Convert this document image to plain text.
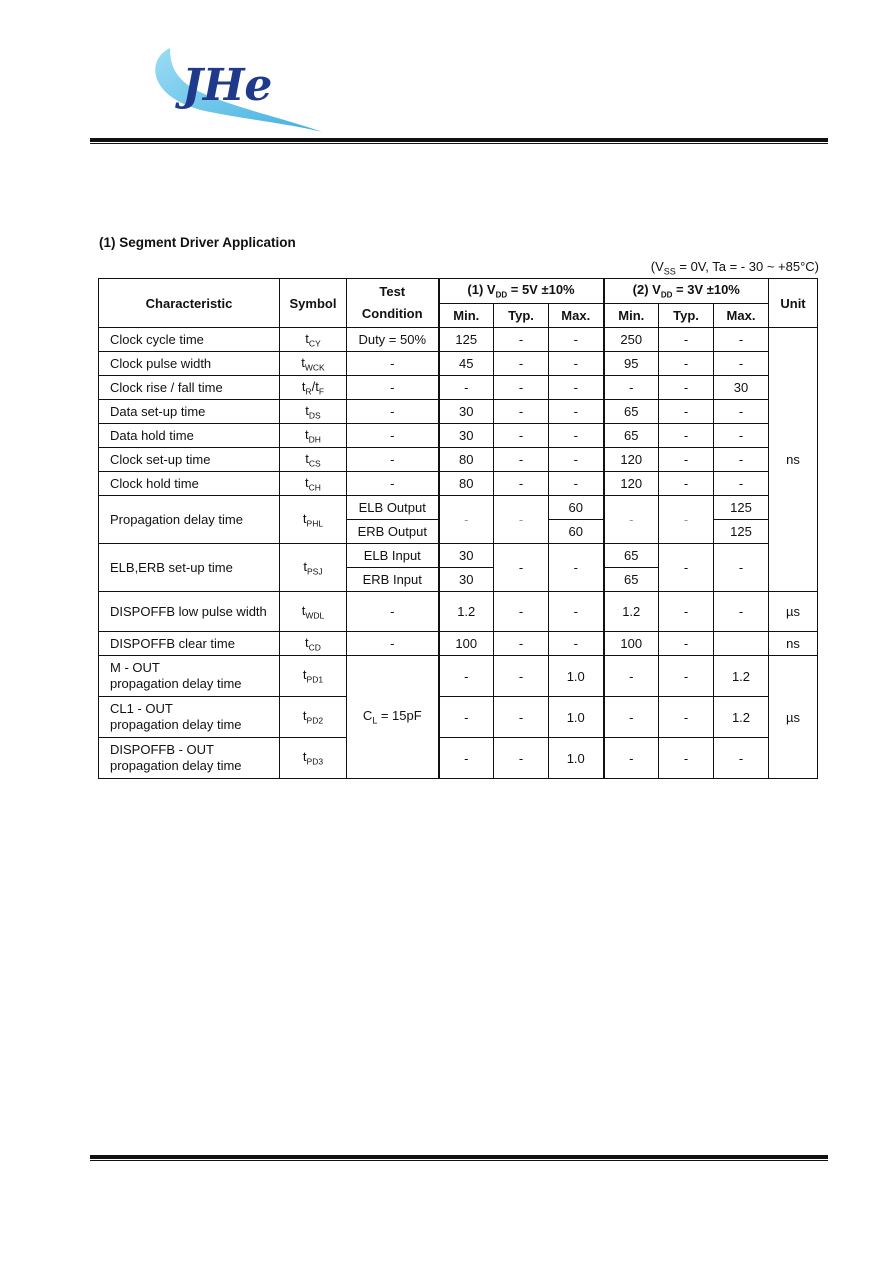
JHe
(1) Segment Driver Application
($V_{SS} = 0V$, Ta = - 30 ~ +85°C)
Characteristic	Symbol	Test Condition	(1) $V_{DD} = 5V \pm 10\%$			(2) $V_{DD} = 3V \pm 10\%$			Unit
			Min.	Typ.	Max.	Min.	Typ.	Max.	
Clock cycle time	$t_{CY}$	Duty = 50%	125	-	-	250	-	-	ns
Clock pulse width	$t_{WCK}$	-	45	-	-	95	-	-	
Clock rise / fall time	$t_R/t_F$	-	-	-	-	-	-	30	
Data set-up time	$t_{DS}$	-	30	-	-	65	-	-	
Data hold time	$t_{DH}$	-	30	-	-	65	-	-	
Clock set-up time	$t_{CS}$	-	80	-	-	120	-	-	
Clock hold time	$t_{CH}$	-	80	-	-	120	-	-	
Propagation delay time	$t_{PHL}$	ELB Output	-	-	60	-	-	125	
		ERB Output			60			125	
ELB,ERB set-up time	$t_{PSJ}$	ELB Input	30	-	-	65	-	-	
		ERB Input	30			65			
DISPOFFB low pulse width	$t_{WDL}$	-	1.2	-	-	1.2	-	-	µs
DISPOFFB clear time	$t_{CD}$	-	100	-	-	100	-		ns

M - OUT
propagation delay time	$t_{PD1}$	$C_L = 15pF$	-	-	1.0	-	-	1.2	µs

CL1 - OUT
propagation delay time	$t_{PD2}$		-	-	1.0	-	-	1.2	

DISPOFFB - OUT
propagation delay time	$t_{PD3}$		-	-	1.0	-	-	-	
